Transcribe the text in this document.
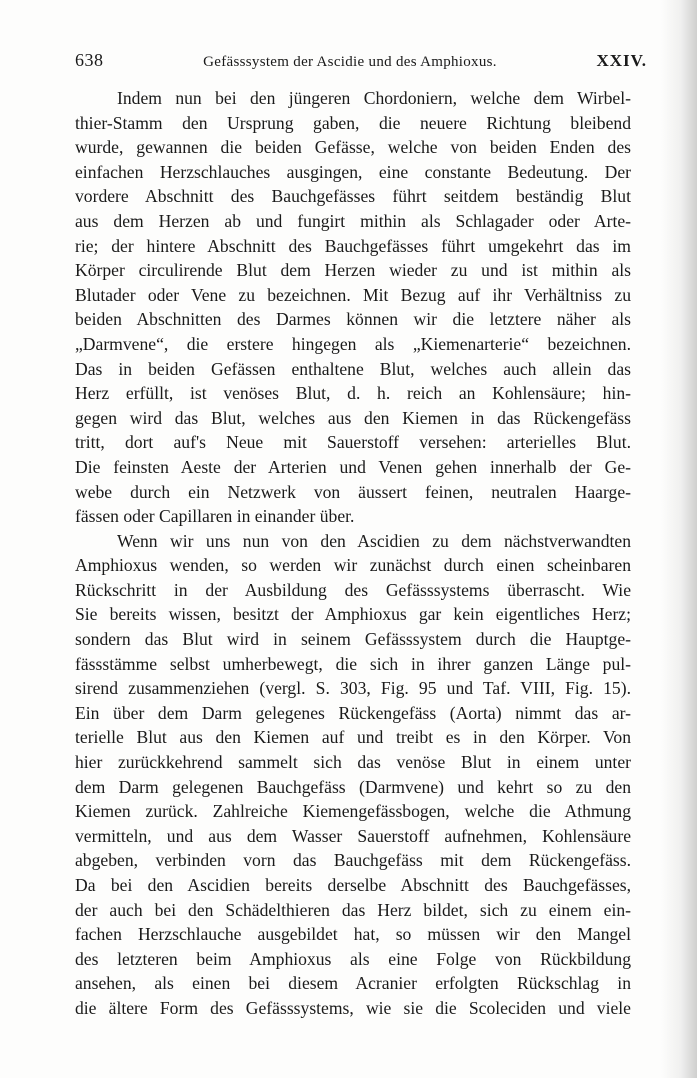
638	Gefässsystem der Ascidie und des Amphioxus.	XXIV.
Indem nun bei den jüngeren Chordoniern, welche dem Wirbel-
thier-Stamm den Ursprung gaben, die neuere Richtung bleibend
wurde, gewannen die beiden Gefässe, welche von beiden Enden des
einfachen Herzschlauches ausgingen, eine constante Bedeutung. Der
vordere Abschnitt des Bauchgefässes führt seitdem beständig Blut
aus dem Herzen ab und fungirt mithin als Schlagader oder Arte-
rie; der hintere Abschnitt des Bauchgefässes führt umgekehrt das im
Körper circulirende Blut dem Herzen wieder zu und ist mithin als
Blutader oder Vene zu bezeichnen. Mit Bezug auf ihr Verhältniss zu
beiden Abschnitten des Darmes können wir die letztere näher als
„Darmvene“, die erstere hingegen als „Kiemenarterie“ bezeichnen.
Das in beiden Gefässen enthaltene Blut, welches auch allein das
Herz erfüllt, ist venöses Blut, d. h. reich an Kohlensäure; hin-
gegen wird das Blut, welches aus den Kiemen in das Rückengefäss
tritt, dort auf's Neue mit Sauerstoff versehen: arterielles Blut.
Die feinsten Aeste der Arterien und Venen gehen innerhalb der Ge-
webe durch ein Netzwerk von äussert feinen, neutralen Haarge-
fässen oder Capillaren in einander über.
Wenn wir uns nun von den Ascidien zu dem nächstverwandten
Amphioxus wenden, so werden wir zunächst durch einen scheinbaren
Rückschritt in der Ausbildung des Gefässsystems überrascht. Wie
Sie bereits wissen, besitzt der Amphioxus gar kein eigentliches Herz;
sondern das Blut wird in seinem Gefässsystem durch die Hauptge-
fässstämme selbst umherbewegt, die sich in ihrer ganzen Länge pul-
sirend zusammenziehen (vergl. S. 303, Fig. 95 und Taf. VIII, Fig. 15).
Ein über dem Darm gelegenes Rückengefäss (Aorta) nimmt das ar-
terielle Blut aus den Kiemen auf und treibt es in den Körper. Von
hier zurückkehrend sammelt sich das venöse Blut in einem unter
dem Darm gelegenen Bauchgefäss (Darmvene) und kehrt so zu den
Kiemen zurück. Zahlreiche Kiemengefässbogen, welche die Athmung
vermitteln, und aus dem Wasser Sauerstoff aufnehmen, Kohlensäure
abgeben, verbinden vorn das Bauchgefäss mit dem Rückengefäss.
Da bei den Ascidien bereits derselbe Abschnitt des Bauchgefässes,
der auch bei den Schädelthieren das Herz bildet, sich zu einem ein-
fachen Herzschlauche ausgebildet hat, so müssen wir den Mangel
des letzteren beim Amphioxus als eine Folge von Rückbildung
ansehen, als einen bei diesem Acranier erfolgten Rückschlag in
die ältere Form des Gefässsystems, wie sie die Scoleciden und viele
